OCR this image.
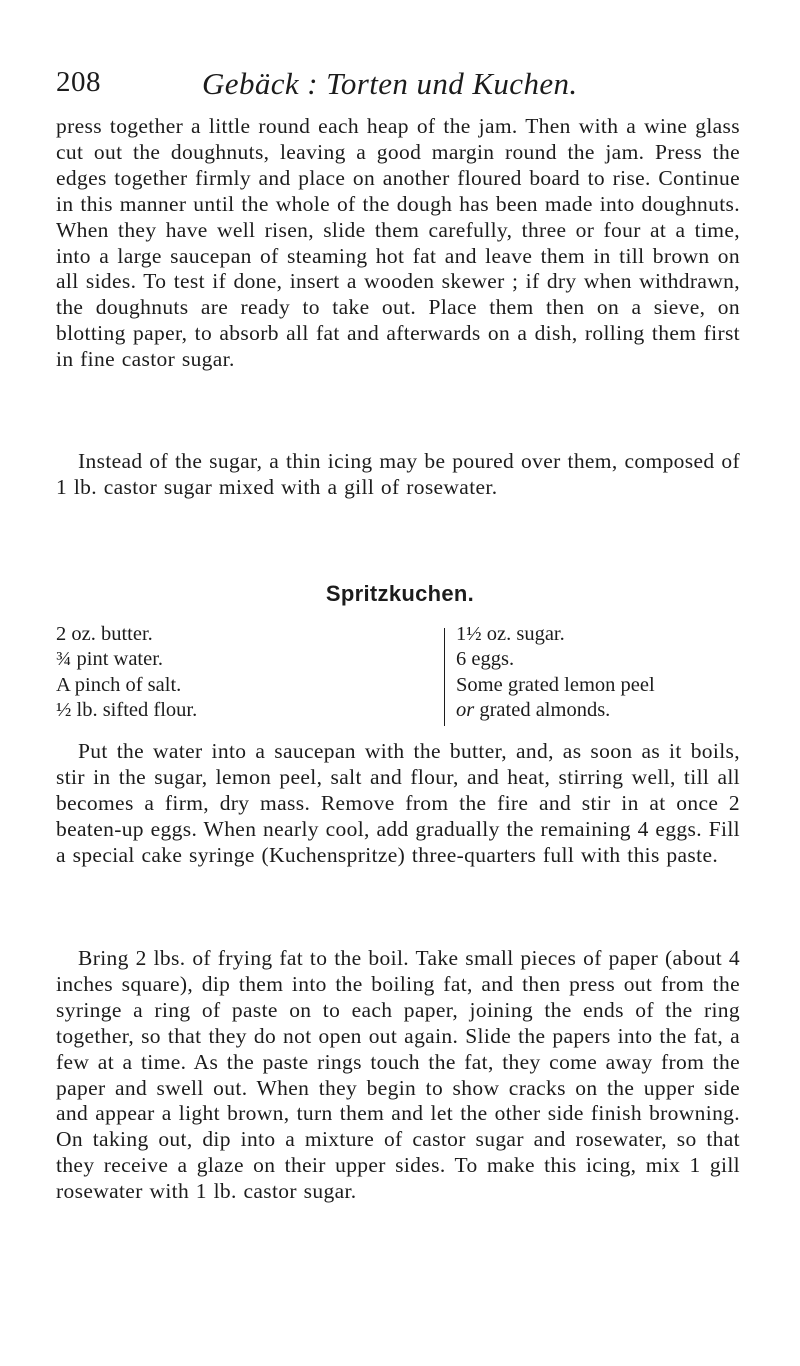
208	Gebäck : Torten und Kuchen.

press together a little round each heap of the jam. Then with a wine glass cut out the doughnuts, leaving a good margin round the jam. Press the edges together firmly and place on another floured board to rise. Continue in this manner until the whole of the dough has been made into doughnuts. When they have well risen, slide them carefully, three or four at a time, into a large saucepan of steaming hot fat and leave them in till brown on all sides. To test if done, insert a wooden skewer ; if dry when withdrawn, the doughnuts are ready to take out. Place them then on a sieve, on blotting paper, to absorb all fat and afterwards on a dish, rolling them first in fine castor sugar.

Instead of the sugar, a thin icing may be poured over them, composed of 1 lb. castor sugar mixed with a gill of rosewater.

Spritzkuchen.
2 oz. butter.
¾ pint water.
A pinch of salt.
½ lb. sifted flour.
1½ oz. sugar.
6 eggs.
Some grated lemon peel
or grated almonds.

Put the water into a saucepan with the butter, and, as soon as it boils, stir in the sugar, lemon peel, salt and flour, and heat, stirring well, till all becomes a firm, dry mass. Remove from the fire and stir in at once 2 beaten-up eggs. When nearly cool, add gradually the remaining 4 eggs. Fill a special cake syringe (Kuchenspritze) three-quarters full with this paste.

Bring 2 lbs. of frying fat to the boil. Take small pieces of paper (about 4 inches square), dip them into the boiling fat, and then press out from the syringe a ring of paste on to each paper, joining the ends of the ring together, so that they do not open out again. Slide the papers into the fat, a few at a time. As the paste rings touch the fat, they come away from the paper and swell out. When they begin to show cracks on the upper side and appear a light brown, turn them and let the other side finish browning. On taking out, dip into a mixture of castor sugar and rosewater, so that they receive a glaze on their upper sides. To make this icing, mix 1 gill rosewater with 1 lb. castor sugar.
